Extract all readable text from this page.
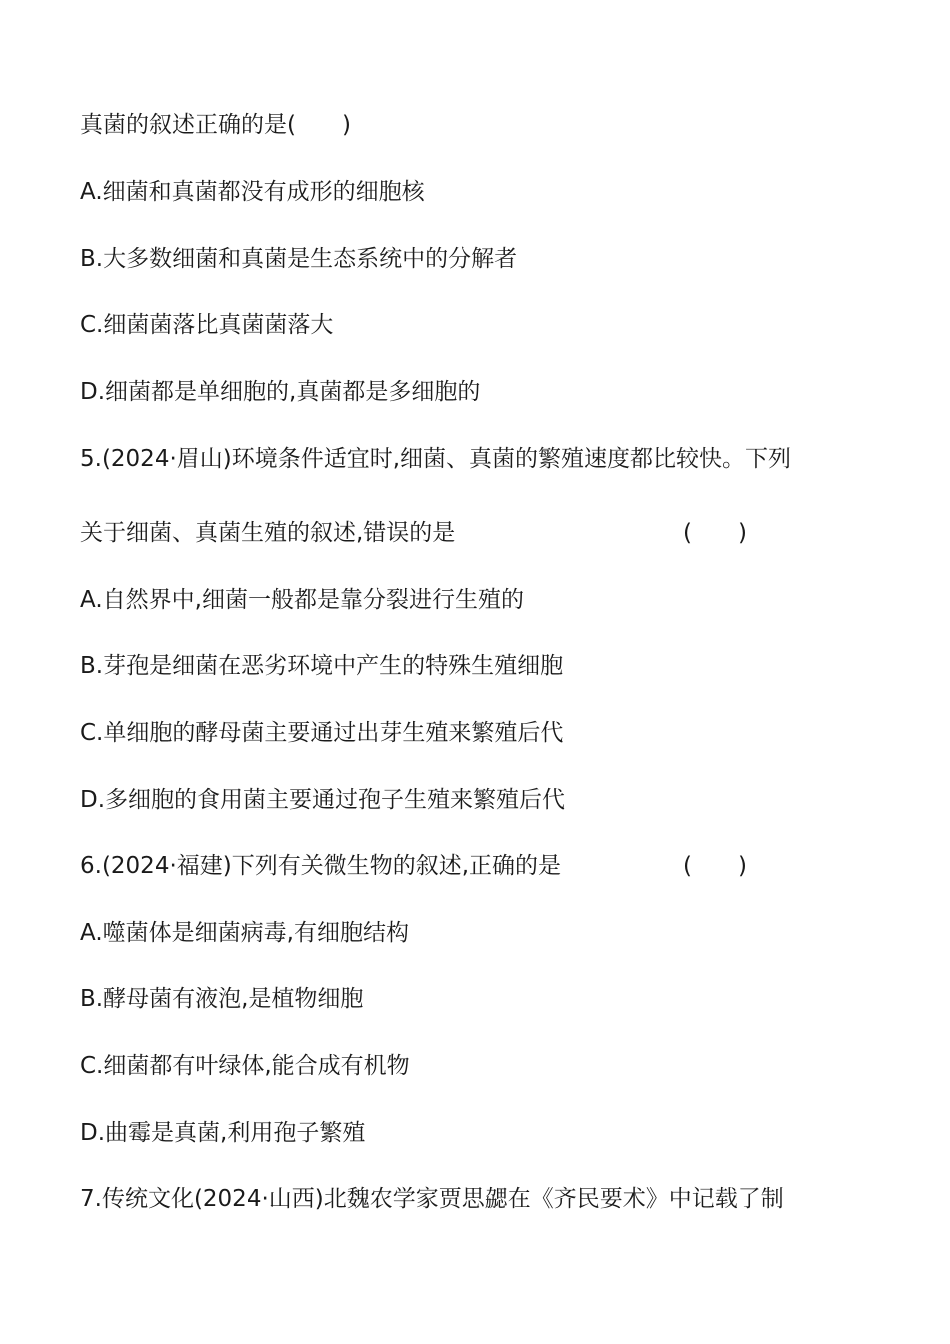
真菌的叙述正确的是(　　)
A.细菌和真菌都没有成形的细胞核
B.大多数细菌和真菌是生态系统中的分解者
C.细菌菌落比真菌菌落大
D.细菌都是单细胞的,真菌都是多细胞的
5.(2024·眉山)环境条件适宜时,细菌、真菌的繁殖速度都比较快。下列
关于细菌、真菌生殖的叙述,错误的是	(　　)
A.自然界中,细菌一般都是靠分裂进行生殖的
B.芽孢是细菌在恶劣环境中产生的特殊生殖细胞
C.单细胞的酵母菌主要通过出芽生殖来繁殖后代
D.多细胞的食用菌主要通过孢子生殖来繁殖后代
6.(2024·福建)下列有关微生物的叙述,正确的是	(　　)
A.噬菌体是细菌病毒,有细胞结构
B.酵母菌有液泡,是植物细胞
C.细菌都有叶绿体,能合成有机物
D.曲霉是真菌,利用孢子繁殖
7.传统文化(2024·山西)北魏农学家贾思勰在《齐民要术》中记载了制
